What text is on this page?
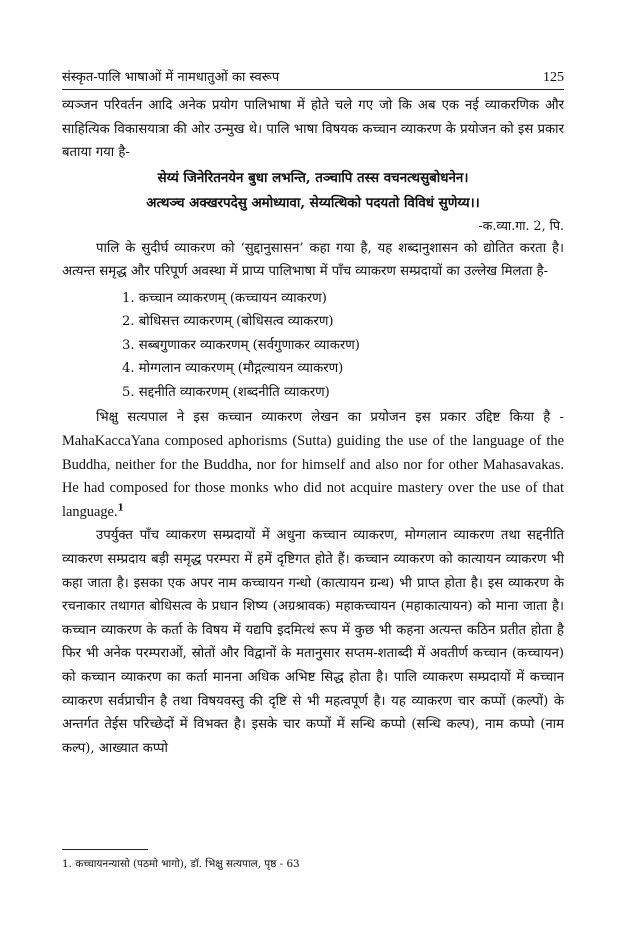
संस्कृत-पालि भाषाओं में नामधातुओं का स्वरूप	125

व्यञ्जन परिवर्तन आदि अनेक प्रयोग पालिभाषा में होते चले गए जो कि अब एक नई व्याकरणिक और साहित्यिक विकासयात्रा की ओर उन्मुख थे। पालि भाषा विषयक कच्चान व्याकरण के प्रयोजन को इस प्रकार बताया गया है-

सेय्यं जिनेरितनयेन बुधा लभन्ति, तञ्चापि तस्स वचनत्थसुबोधनेन।
अत्थञ्च अक्खरपदेसु अमोध्यावा, सेय्यत्थिको पदयतो विविधं सुणेय्य।।
-क.व्या.गा. 2, पि.

पालि के सुदीर्घ व्याकरण को ‘सुद्दानुसासन’ कहा गया है, यह शब्दानुशासन को द्योतित करता है। अत्यन्त समृद्ध और परिपूर्ण अवस्था में प्राप्य पालिभाषा में पाँच व्याकरण सम्प्रदायों का उल्लेख मिलता है-

1. कच्चान व्याकरणम् (कच्चायन व्याकरण)
2. बोधिसत्त व्याकरणम् (बोधिसत्व व्याकरण)
3. सब्बगुणाकर व्याकरणम् (सर्वगुणाकर व्याकरण)
4. मोग्गलान व्याकरणम् (मौद्गल्यायन व्याकरण)
5. सद्दनीति व्याकरणम् (शब्दनीति व्याकरण)

भिक्षु सत्यपाल ने इस कच्चान व्याकरण लेखन का प्रयोजन इस प्रकार उद्दिष्ट किया है - MahaKaccaYana composed aphorisms (Sutta) guiding the use of the language of the Buddha, neither for the Buddha, nor for himself and also nor for other Mahasavakas. He had composed for those monks who did not acquire mastery over the use of that language.$^1$

उपर्युक्त पाँच व्याकरण सम्प्रदायों में अधुना कच्चान व्याकरण, मोग्गलान व्याकरण तथा सद्दनीति व्याकरण सम्प्रदाय बड़ी समृद्ध परम्परा में हमें दृष्टिगत होते हैं। कच्चान व्याकरण को कात्यायन व्याकरण भी कहा जाता है। इसका एक अपर नाम कच्चायन गन्धो (कात्यायन ग्रन्थ) भी प्राप्त होता है। इस व्याकरण के रचनाकार तथागत बोधिसत्व के प्रधान शिष्य (अग्रश्रावक) महाकच्चायन (महाकात्यायन) को माना जाता है। कच्चान व्याकरण के कर्ता के विषय में यद्यपि इदमित्थं रूप में कुछ भी कहना अत्यन्त कठिन प्रतीत होता है फिर भी अनेक परम्पराओं, स्रोतों और विद्वानों के मतानुसार सप्तम-शताब्दी में अवतीर्ण कच्चान (कच्चायन) को कच्चान व्याकरण का कर्ता मानना अधिक अभिष्ट सिद्ध होता है। पालि व्याकरण सम्प्रदायों में कच्चान व्याकरण सर्वप्राचीन है तथा विषयवस्तु की दृष्टि से भी महत्वपूर्ण है। यह व्याकरण चार कप्पों (कल्पों) के अन्तर्गत तेईस परिच्छेदों में विभक्त है। इसके चार कप्पों में सन्धि कप्पो (सन्धि कल्प), नाम कप्पो (नाम कल्प), आख्यात कप्पो

1. कच्चायनन्यासो (पठमो भागो), डॉ. भिक्षु सत्यपाल, पृष्ठ - 63
